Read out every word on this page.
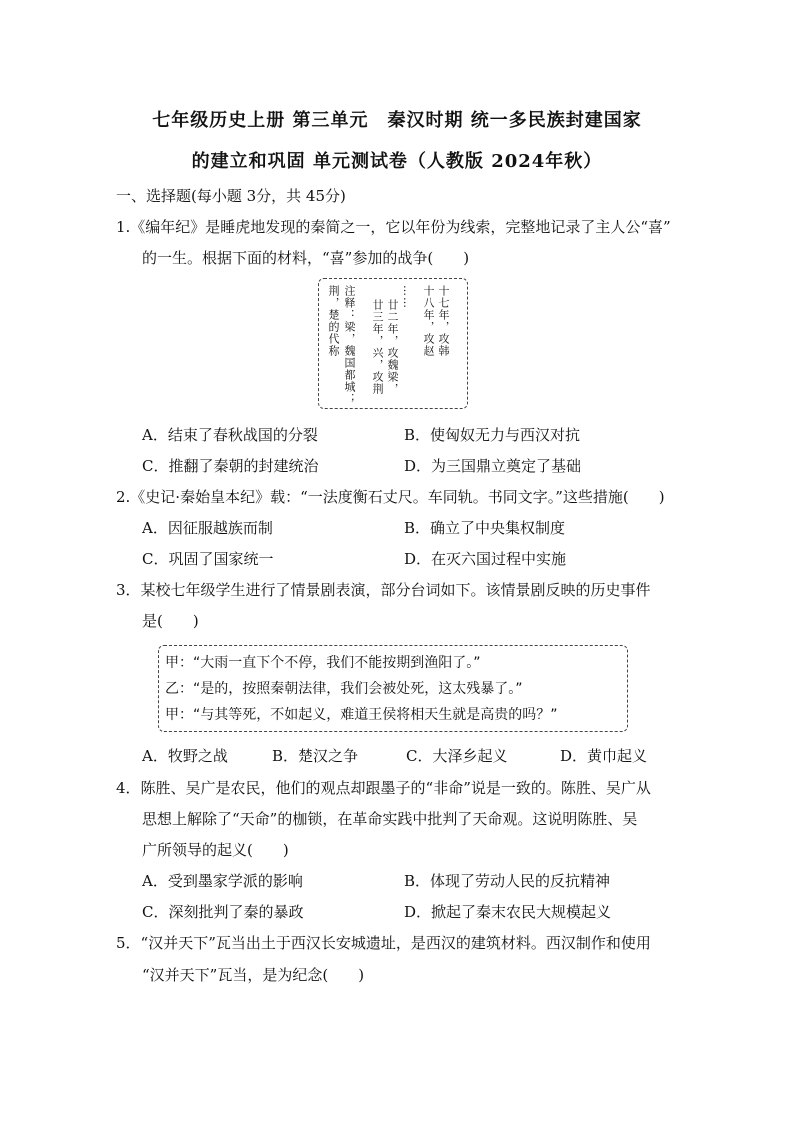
七年级历史上册 第三单元　秦汉时期 统一多民族封建国家
的建立和巩固 单元测试卷（人教版 2024年秋）
一、选择题(每小题 3分，共 45分)
1.《编年纪》是睡虎地发现的秦简之一，它以年份为线索，完整地记录了主人公“喜”
的一生。根据下面的材料，“喜”参加的战争(　　)
十七年，攻韩
十八年，攻赵
……
廿二年，攻魏梁，
廿三年，兴，攻荆
注释：梁，魏国都城；
荆，楚的代称
A．结束了春秋战国的分裂	B．使匈奴无力与西汉对抗
C．推翻了秦朝的封建统治	D．为三国鼎立奠定了基础
2.《史记·秦始皇本纪》载：“一法度衡石丈尺。车同轨。书同文字。”这些措施(　　)
A．因征服越族而制	B．确立了中央集权制度
C．巩固了国家统一	D．在灭六国过程中实施
3．某校七年级学生进行了情景剧表演，部分台词如下。该情景剧反映的历史事件
是(　　)
甲：“大雨一直下个不停，我们不能按期到渔阳了。”
乙：“是的，按照秦朝法律，我们会被处死，这太残暴了。”
甲：“与其等死，不如起义，难道王侯将相天生就是高贵的吗？”
A．牧野之战	B．楚汉之争	C．大泽乡起义	D．黄巾起义
4．陈胜、吴广是农民，他们的观点却跟墨子的“非命”说是一致的。陈胜、吴广从
思想上解除了“天命”的枷锁，在革命实践中批判了天命观。这说明陈胜、吴
广所领导的起义(　　)
A．受到墨家学派的影响	B．体现了劳动人民的反抗精神
C．深刻批判了秦的暴政	D．掀起了秦末农民大规模起义
5．“汉并天下”瓦当出土于西汉长安城遗址，是西汉的建筑材料。西汉制作和使用
“汉并天下”瓦当，是为纪念(　　)
